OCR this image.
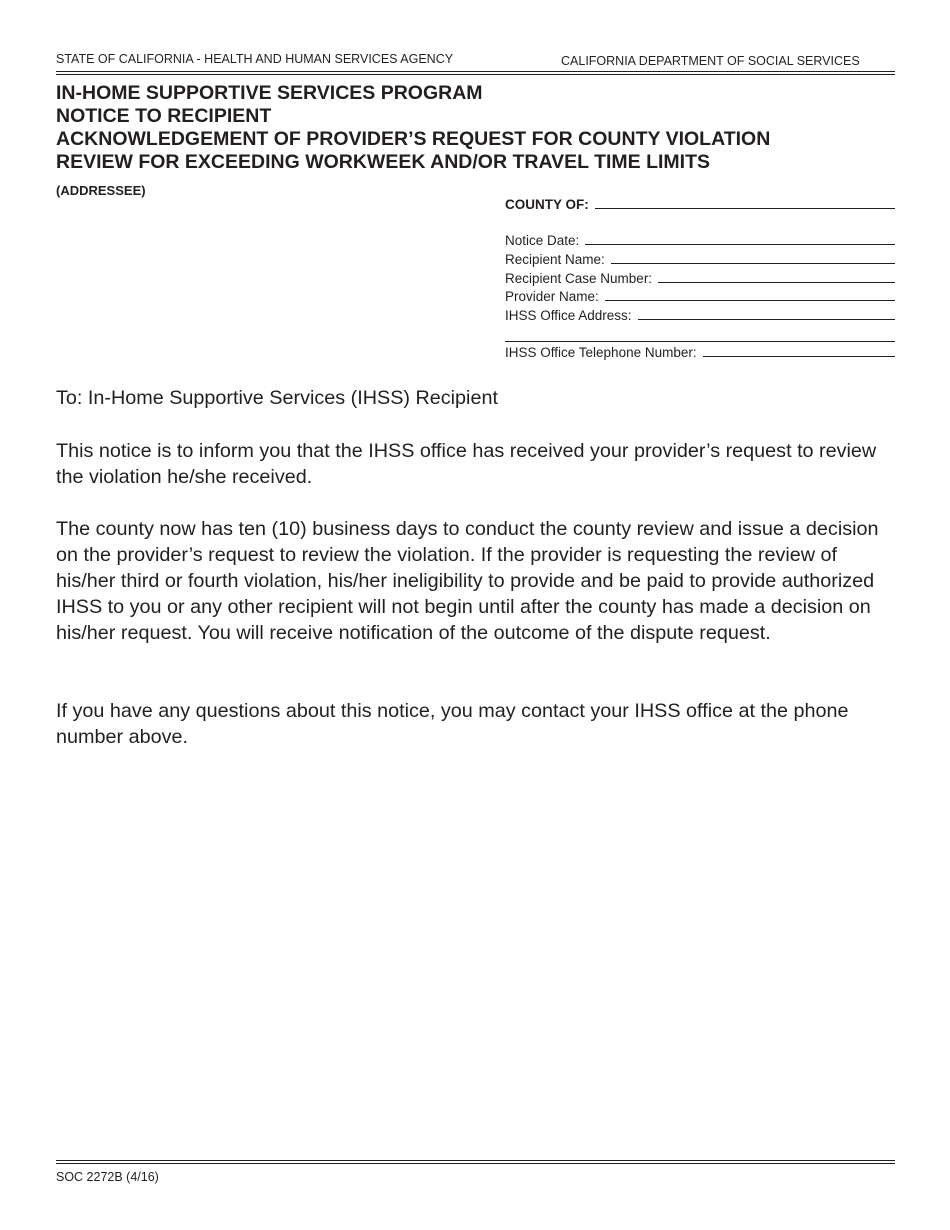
STATE OF CALIFORNIA - HEALTH AND HUMAN SERVICES AGENCY	CALIFORNIA DEPARTMENT OF SOCIAL SERVICES
IN-HOME SUPPORTIVE SERVICES PROGRAM
NOTICE TO RECIPIENT
ACKNOWLEDGEMENT OF PROVIDER’S REQUEST FOR COUNTY VIOLATION
REVIEW FOR EXCEEDING WORKWEEK AND/OR TRAVEL TIME LIMITS
(ADDRESSEE)
COUNTY OF:
Notice Date:
Recipient Name:
Recipient Case Number:
Provider Name:
IHSS Office Address:
IHSS Office Telephone Number:
To: In-Home Supportive Services (IHSS) Recipient

This notice is to inform you that the IHSS office has received your provider’s request to review the violation he/she received.

The county now has ten (10) business days to conduct the county review and issue a decision on the provider’s request to review the violation. If the provider is requesting the review of his/her third or fourth violation, his/her ineligibility to provide and be paid to provide authorized IHSS to you or any other recipient will not begin until after the county has made a decision on his/her request. You will receive notification of the outcome of the dispute request.

If you have any questions about this notice, you may contact your IHSS office at the phone number above.

SOC 2272B (4/16)
